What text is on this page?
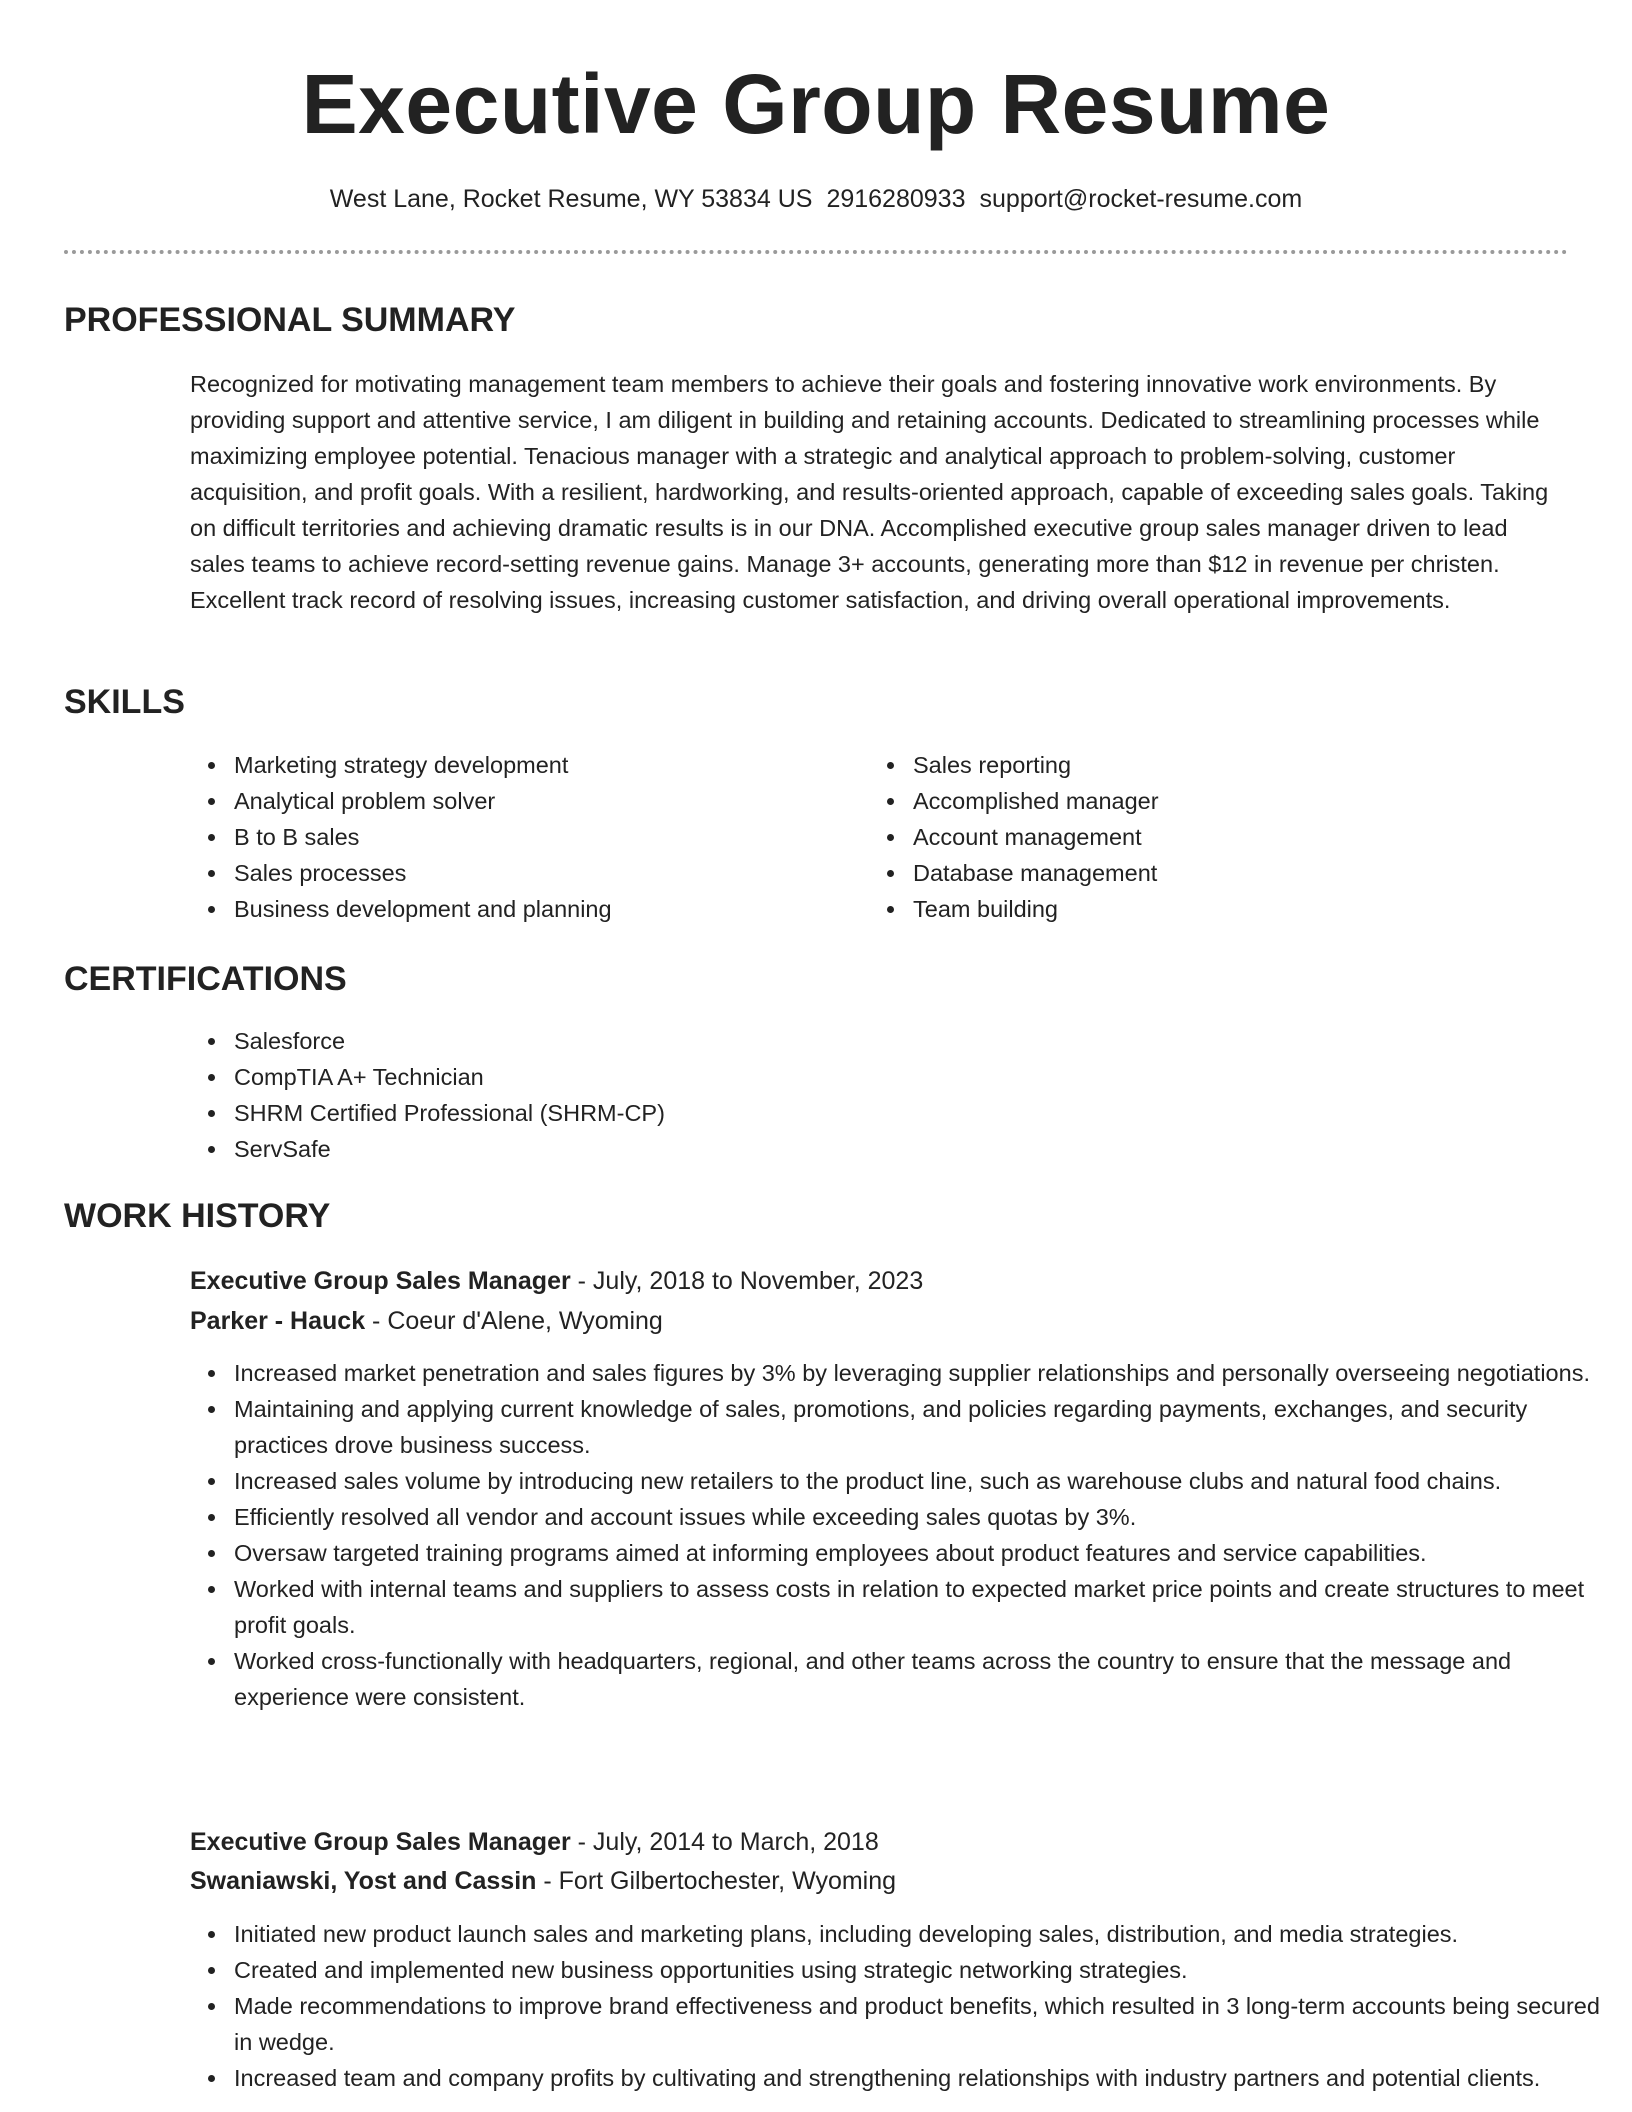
Executive Group Resume
West Lane, Rocket Resume, WY 53834 US 2916280933 support@rocket-resume.com
PROFESSIONAL SUMMARY

Recognized for motivating management team members to achieve their goals and fostering innovative work environments. By providing support and attentive service, I am diligent in building and retaining accounts. Dedicated to streamlining processes while maximizing employee potential. Tenacious manager with a strategic and analytical approach to problem-solving, customer acquisition, and profit goals. With a resilient, hardworking, and results-oriented approach, capable of exceeding sales goals. Taking on difficult territories and achieving dramatic results is in our DNA. Accomplished executive group sales manager driven to lead sales teams to achieve record-setting revenue gains. Manage 3+ accounts, generating more than $12 in revenue per christen. Excellent track record of resolving issues, increasing customer satisfaction, and driving overall operational improvements.

SKILLS
Marketing strategy development
Analytical problem solver
B to B sales
Sales processes
Business development and planning
Sales reporting
Accomplished manager
Account management
Database management
Team building
CERTIFICATIONS
Salesforce
CompTIA A+ Technician
SHRM Certified Professional (SHRM-CP)
ServSafe
WORK HISTORY
Executive Group Sales Manager - July, 2018 to November, 2023
Parker - Hauck - Coeur d'Alene, Wyoming
Increased market penetration and sales figures by 3% by leveraging supplier relationships and personally overseeing negotiations.
Maintaining and applying current knowledge of sales, promotions, and policies regarding payments, exchanges, and security practices drove business success.
Increased sales volume by introducing new retailers to the product line, such as warehouse clubs and natural food chains.
Efficiently resolved all vendor and account issues while exceeding sales quotas by 3%.
Oversaw targeted training programs aimed at informing employees about product features and service capabilities.
Worked with internal teams and suppliers to assess costs in relation to expected market price points and create structures to meet profit goals.
Worked cross-functionally with headquarters, regional, and other teams across the country to ensure that the message and experience were consistent.
Executive Group Sales Manager - July, 2014 to March, 2018
Swaniawski, Yost and Cassin - Fort Gilbertochester, Wyoming
Initiated new product launch sales and marketing plans, including developing sales, distribution, and media strategies.
Created and implemented new business opportunities using strategic networking strategies.
Made recommendations to improve brand effectiveness and product benefits, which resulted in 3 long-term accounts being secured in wedge.
Increased team and company profits by cultivating and strengthening relationships with industry partners and potential clients.
